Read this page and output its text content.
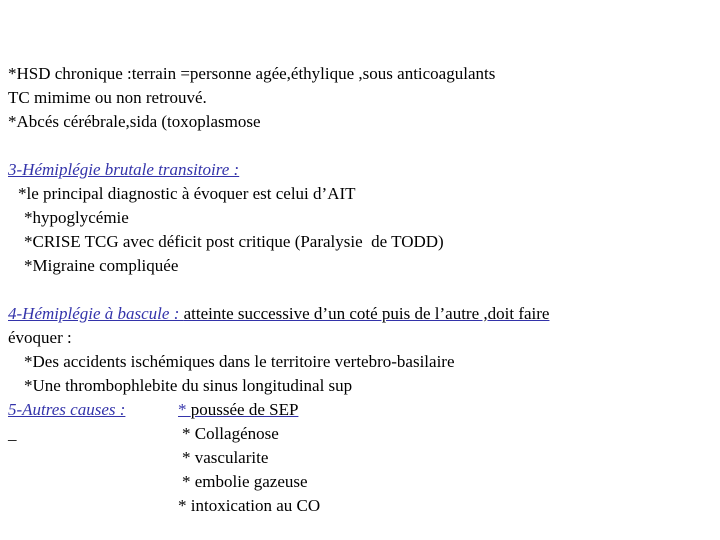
*HSD chronique :terrain =personne agée,éthylique ,sous anticoagulants
TC mimime ou non retrouvé.
*Abcés cérébrale,sida (toxoplasmose
3-Hémiplégie brutale transitoire :
*le principal diagnostic à évoquer est celui d’AIT
*hypoglycémie
*CRISE TCG avec déficit post critique (Paralysie  de TODD)
*Migraine compliquée
4-Hémiplégie à bascule : atteinte successive d’un coté puis de l’autre ,doit faire
évoquer :
*Des accidents ischémiques dans le territoire vertebro-basilaire
*Une thrombophlebite du sinus longitudinal sup
5-Autres causes :	* poussée de SEP
_	* Collagénose
* vascularite
* embolie gazeuse
* intoxication au CO
